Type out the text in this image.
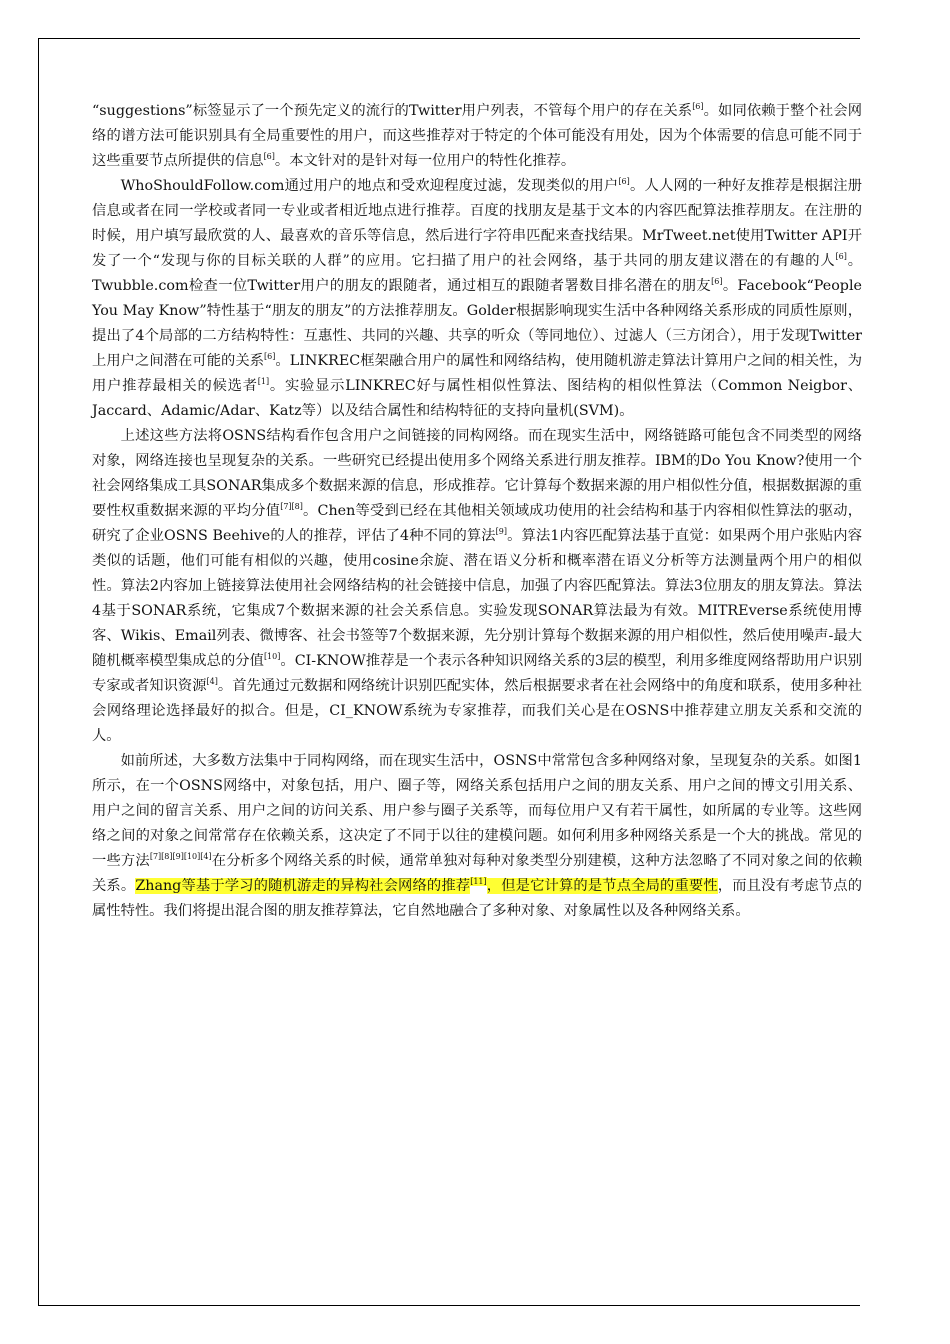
“suggestions”标签显示了一个预先定义的流行的Twitter用户列表，不管每个用户的存在关系[6]。如同依赖于整个社会网络的谱方法可能识别具有全局重要性的用户，而这些推荐对于特定的个体可能没有用处，因为个体需要的信息可能不同于这些重要节点所提供的信息[6]。本文针对的是针对每一位用户的特性化推荐。

WhoShouldFollow.com通过用户的地点和受欢迎程度过滤，发现类似的用户[6]。人人网的一种好友推荐是根据注册信息或者在同一学校或者同一专业或者相近地点进行推荐。百度的找朋友是基于文本的内容匹配算法推荐朋友。在注册的时候，用户填写最欣赏的人、最喜欢的音乐等信息，然后进行字符串匹配来查找结果。MrTweet.net使用Twitter API开发了一个“发现与你的目标关联的人群”的应用。它扫描了用户的社会网络，基于共同的朋友建议潜在的有趣的人[6]。Twubble.com检查一位Twitter用户的朋友的跟随者，通过相互的跟随者署数目排名潜在的朋友[6]。Facebook“People You May Know”特性基于“朋友的朋友”的方法推荐朋友。Golder根据影响现实生活中各种网络关系形成的同质性原则，提出了4个局部的二方结构特性：互惠性、共同的兴趣、共享的听众（等同地位）、过滤人（三方闭合），用于发现Twitter上用户之间潜在可能的关系[6]。LINKREC框架融合用户的属性和网络结构，使用随机游走算法计算用户之间的相关性，为用户推荐最相关的候选者[1]。实验显示LINKREC好与属性相似性算法、图结构的相似性算法（Common Neigbor、Jaccard、Adamic/Adar、Katz等）以及结合属性和结构特征的支持向量机(SVM)。

上述这些方法将OSNS结构看作包含用户之间链接的同构网络。而在现实生活中，网络链路可能包含不同类型的网络对象，网络连接也呈现复杂的关系。一些研究已经提出使用多个网络关系进行朋友推荐。IBM的Do You Know?使用一个社会网络集成工具SONAR集成多个数据来源的信息，形成推荐。它计算每个数据来源的用户相似性分值，根据数据源的重要性权重数据来源的平均分值[7][8]。Chen等受到已经在其他相关领域成功使用的社会结构和基于内容相似性算法的驱动，研究了企业OSNS Beehive的人的推荐，评估了4种不同的算法[9]。算法1内容匹配算法基于直觉：如果两个用户张贴内容类似的话题，他们可能有相似的兴趣，使用cosine余旋、潜在语义分析和概率潜在语义分析等方法测量两个用户的相似性。算法2内容加上链接算法使用社会网络结构的社会链接中信息，加强了内容匹配算法。算法3位朋友的朋友算法。算法4基于SONAR系统，它集成7个数据来源的社会关系信息。实验发现SONAR算法最为有效。MITREverse系统使用博客、Wikis、Email列表、微博客、社会书签等7个数据来源，先分别计算每个数据来源的用户相似性，然后使用噪声-最大随机概率模型集成总的分值[10]。CI-KNOW推荐是一个表示各种知识网络关系的3层的模型，利用多维度网络帮助用户识别专家或者知识资源[4]。首先通过元数据和网络统计识别匹配实体，然后根据要求者在社会网络中的角度和联系，使用多种社会网络理论选择最好的拟合。但是，CI_KNOW系统为专家推荐，而我们关心是在OSNS中推荐建立朋友关系和交流的人。

如前所述，大多数方法集中于同构网络，而在现实生活中，OSNS中常常包含多种网络对象，呈现复杂的关系。如图1所示，在一个OSNS网络中，对象包括，用户、圈子等，网络关系包括用户之间的朋友关系、用户之间的博文引用关系、用户之间的留言关系、用户之间的访问关系、用户参与圈子关系等，而每位用户又有若干属性，如所属的专业等。这些网络之间的对象之间常常存在依赖关系，这决定了不同于以往的建模问题。如何利用多种网络关系是一个大的挑战。常见的一些方法[7][8][9][10][4]在分析多个网络关系的时候，通常单独对每种对象类型分别建模，这种方法忽略了不同对象之间的依赖关系。Zhang等基于学习的随机游走的异构社会网络的推荐[11]，但是它计算的是节点全局的重要性，而且没有考虑节点的属性特性。我们将提出混合图的朋友推荐算法，它自然地融合了多种对象、对象属性以及各种网络关系。
